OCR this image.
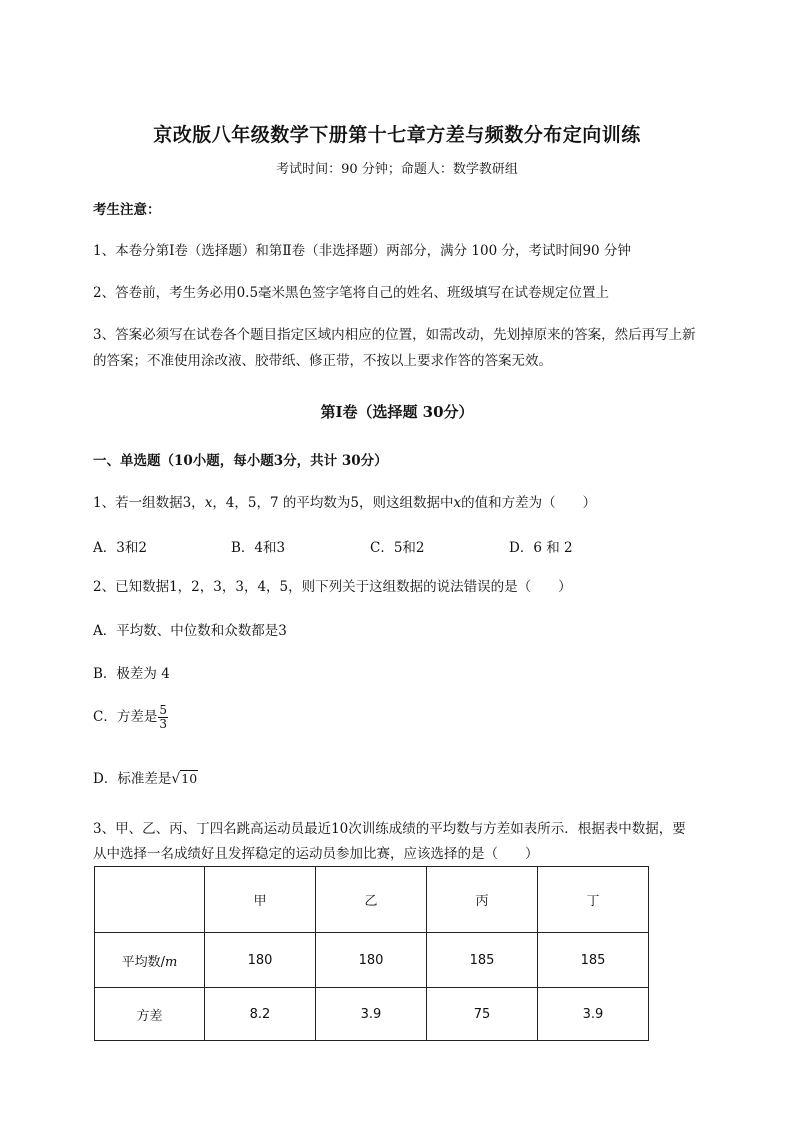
京改版八年级数学下册第十七章方差与频数分布定向训练
考试时间：90 分钟；命题人：数学教研组
考生注意：
1、本卷分第Ⅰ卷（选择题）和第Ⅱ卷（非选择题）两部分，满分 100 分，考试时间90 分钟
2、答卷前，考生务必用0.5毫米黑色签字笔将自己的姓名、班级填写在试卷规定位置上
3、答案必须写在试卷各个题目指定区域内相应的位置，如需改动，先划掉原来的答案，然后再写上新
的答案；不准使用涂改液、胶带纸、修正带，不按以上要求作答的答案无效。
第Ⅰ卷（选择题 30分）
一、单选题（10小题，每小题3分，共计 30分）
1、若一组数据3，x，4，5，7 的平均数为5，则这组数据中x的值和方差为（　　）
A．3和2	B．4和3	C．5和2	D．6 和 2
2、已知数据1，2，3，3，4，5，则下列关于这组数据的说法错误的是（　　）
A．平均数、中位数和众数都是3
B．极差为 4
C．方差是 $\frac{5}{3}$
D．标准差是√10
3、甲、乙、丙、丁四名跳高运动员最近10次训练成绩的平均数与方差如表所示．根据表中数据，要
从中选择一名成绩好且发挥稳定的运动员参加比赛，应该选择的是（　　）
	甲	乙	丙	丁
平均数/m	180	180	185	185
方差	8.2	3.9	75	3.9
